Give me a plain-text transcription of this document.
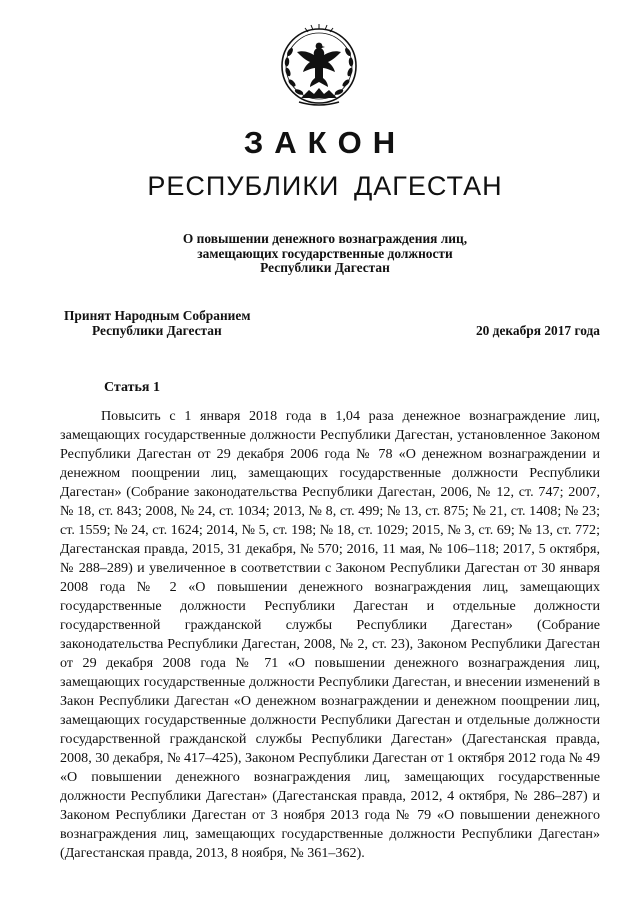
ЗАКОН
РЕСПУБЛИКИ ДАГЕСТАН
О повышении денежного вознаграждения лиц,
замещающих государственные должности
Республики Дагестан
Принят Народным Собранием
Республики Дагестан	20 декабря 2017 года
Статья 1

Повысить с 1 января 2018 года в 1,04 раза денежное вознаграждение лиц, замещающих государственные должности Республики Дагестан, установленное Законом Республики Дагестан от 29 декабря 2006 года № 78 «О денежном вознаграждении и денежном поощрении лиц, замещающих государственные должности Республики Дагестан» (Собрание законодательства Республики Дагестан, 2006, № 12, ст. 747; 2007, № 18, ст. 843; 2008, № 24, ст. 1034; 2013, № 8, ст. 499; № 13, ст. 875; № 21, ст. 1408; № 23; ст. 1559; № 24, ст. 1624; 2014, № 5, ст. 198; № 18, ст. 1029; 2015, № 3, ст. 69; № 13, ст. 772; Дагестанская правда, 2015, 31 декабря, № 570; 2016, 11 мая, № 106–118; 2017, 5 октября, № 288–289) и увеличенное в соответствии с Законом Республики Дагестан от 30 января 2008 года № 2 «О повышении денежного вознаграждения лиц, замещающих государственные должности Республики Дагестан и отдельные должности государственной гражданской службы Республики Дагестан» (Собрание законодательства Республики Дагестан, 2008, № 2, ст. 23), Законом Республики Дагестан от 29 декабря 2008 года № 71 «О повышении денежного вознаграждения лиц, замещающих государственные должности Республики Дагестан, и внесении изменений в Закон Республики Дагестан «О денежном вознаграждении и денежном поощрении лиц, замещающих государственные должности Республики Дагестан и отдельные должности государственной гражданской службы Республики Дагестан» (Дагестанская правда, 2008, 30 декабря, № 417–425), Законом Республики Дагестан от 1 октября 2012 года № 49 «О повышении денежного вознаграждения лиц, замещающих государственные должности Республики Дагестан» (Дагестанская правда, 2012, 4 октября, № 286–287) и Законом Республики Дагестан от 3 ноября 2013 года № 79 «О повышении денежного вознаграждения лиц, замещающих государственные должности Республики Дагестан» (Дагестанская правда, 2013, 8 ноября, № 361–362).
